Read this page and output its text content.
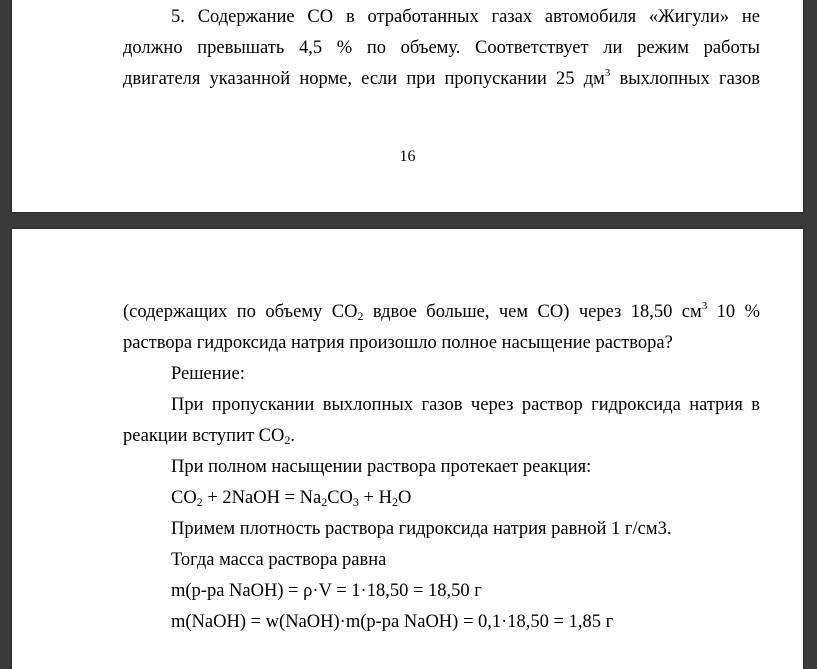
5. Содержание СО в отработанных газах автомобиля «Жигули» не
должно превышать 4,5 % по объему. Соответствует ли режим работы
двигателя указанной норме, если при пропускании 25 $дм^3$ выхлопных газов
16
(содержащих по объему $CO_2$ вдвое больше, чем CO) через 18,50 $см^3$ 10 %
раствора гидроксида натрия произошло полное насыщение раствора?
Решение:
При пропускании выхлопных газов через раствор гидроксида натрия в
реакции вступит $CO_2$.
При полном насыщении раствора протекает реакция:
$CO_2$ + 2NaOH = $Na_2CO_3 + H_2O$
Примем плотность раствора гидроксида натрия равной 1 г/см3.
Тогда масса раствора равна
m(р-ра NaOH) = ρ·V = 1·18,50 = 18,50 г
m(NaOH) = w(NaOH)·m(р-ра NaOH) = 0,1·18,50 = 1,85 г
